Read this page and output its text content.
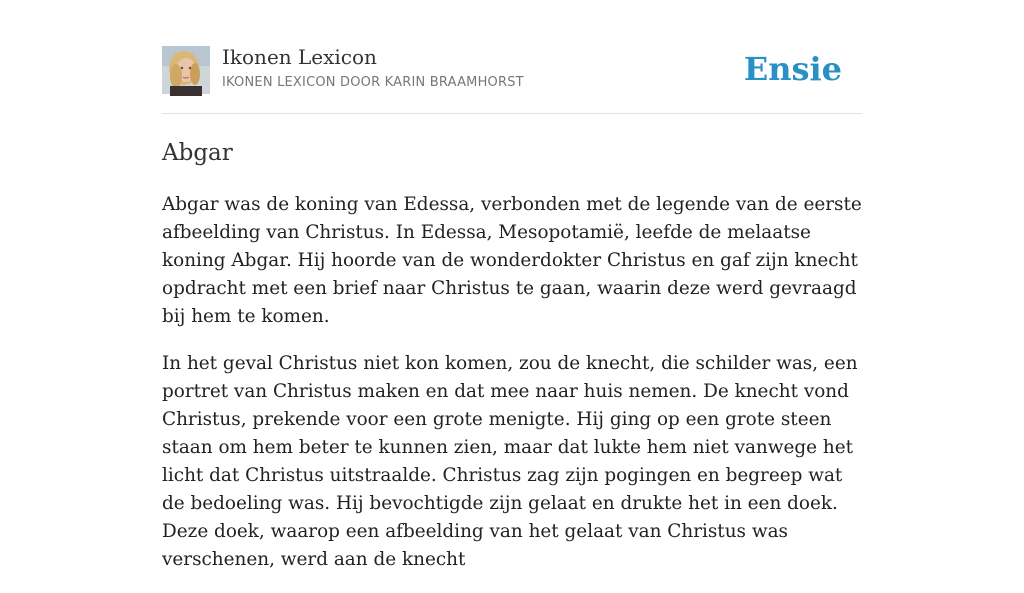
Ikonen Lexicon
IKONEN LEXICON DOOR KARIN BRAAMHORST	Ensie
Abgar

Abgar was de koning van Edessa, verbonden met de legende van de eerste afbeelding van Christus. In Edessa, Mesopotamië, leefde de melaatse koning Abgar. Hij hoorde van de wonderdokter Christus en gaf zijn knecht opdracht met een brief naar Christus te gaan, waarin deze werd gevraagd bij hem te komen.

In het geval Christus niet kon komen, zou de knecht, die schilder was, een portret van Christus maken en dat mee naar huis nemen. De knecht vond Christus, prekende voor een grote menigte. Hij ging op een grote steen staan om hem beter te kunnen zien, maar dat lukte hem niet vanwege het licht dat Christus uitstraalde. Christus zag zijn pogingen en begreep wat de bedoeling was. Hij bevochtigde zijn gelaat en drukte het in een doek. Deze doek, waarop een afbeelding van het gelaat van Christus was verschenen, werd aan de knecht
